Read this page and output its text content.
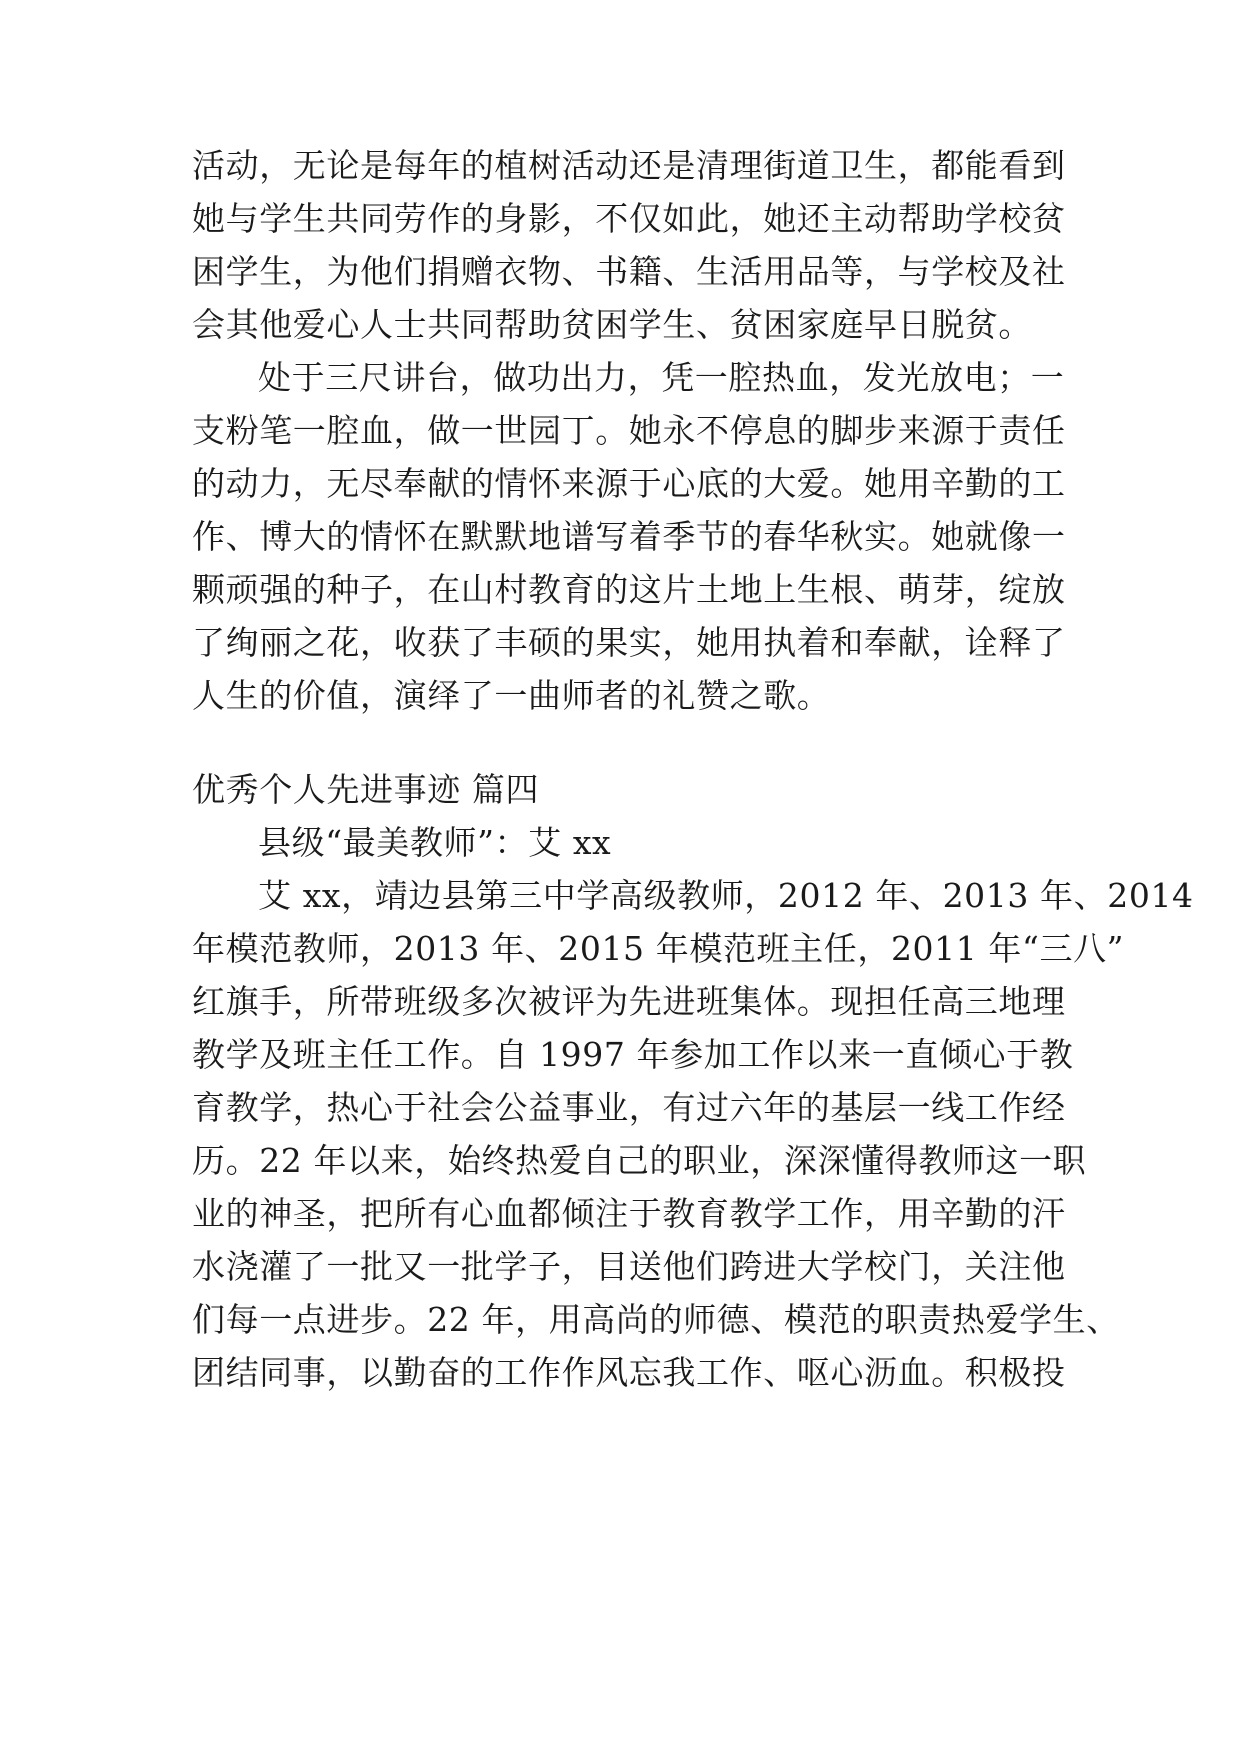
活动，无论是每年的植树活动还是清理街道卫生，都能看到
她与学生共同劳作的身影，不仅如此，她还主动帮助学校贫
困学生，为他们捐赠衣物、书籍、生活用品等，与学校及社
会其他爱心人士共同帮助贫困学生、贫困家庭早日脱贫。
处于三尺讲台，做功出力，凭一腔热血，发光放电；一
支粉笔一腔血，做一世园丁。她永不停息的脚步来源于责任
的动力，无尽奉献的情怀来源于心底的大爱。她用辛勤的工
作、博大的情怀在默默地谱写着季节的春华秋实。她就像一
颗顽强的种子，在山村教育的这片土地上生根、萌芽，绽放
了绚丽之花，收获了丰硕的果实，她用执着和奉献，诠释了
人生的价值，演绎了一曲师者的礼赞之歌。
优秀个人先进事迹 篇四
县级“最美教师”：艾 xx
艾 xx，靖边县第三中学高级教师，2012 年、2013 年、2014
年模范教师，2013 年、2015 年模范班主任，2011 年“三八”
红旗手，所带班级多次被评为先进班集体。现担任高三地理
教学及班主任工作。自 1997 年参加工作以来一直倾心于教
育教学，热心于社会公益事业，有过六年的基层一线工作经
历。22 年以来，始终热爱自己的职业，深深懂得教师这一职
业的神圣，把所有心血都倾注于教育教学工作，用辛勤的汗
水浇灌了一批又一批学子，目送他们跨进大学校门，关注他
们每一点进步。22 年，用高尚的师德、模范的职责热爱学生、
团结同事，以勤奋的工作作风忘我工作、呕心沥血。积极投
